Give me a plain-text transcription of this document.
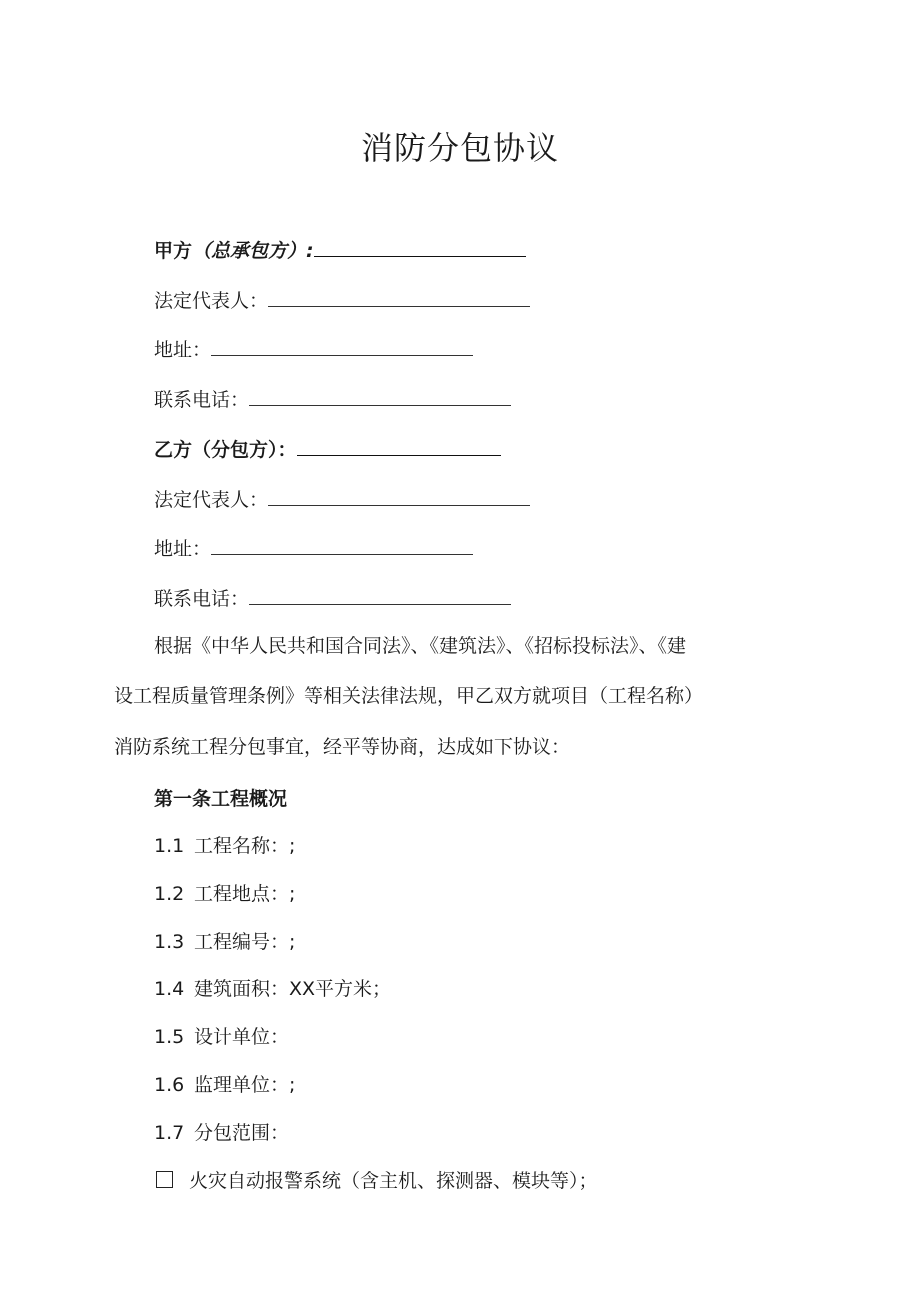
消防分包协议
甲方（总承包方）:
法定代表人：
地址：
联系电话：
乙方（分包方）：
法定代表人：
地址：
联系电话：
根据《中华人民共和国合同法》、《建筑法》、《招标投标法》、《建
设工程质量管理条例》等相关法律法规，甲乙双方就项目（工程名称）
消防系统工程分包事宜，经平等协商，达成如下协议：
第一条工程概况
1.1 工程名称：;
1.2 工程地点：;
1.3 工程编号：;
1.4 建筑面积：XX平方米；
1.5 设计单位：
1.6 监理单位：;
1.7 分包范围：
火灾自动报警系统（含主机、探测器、模块等）；
